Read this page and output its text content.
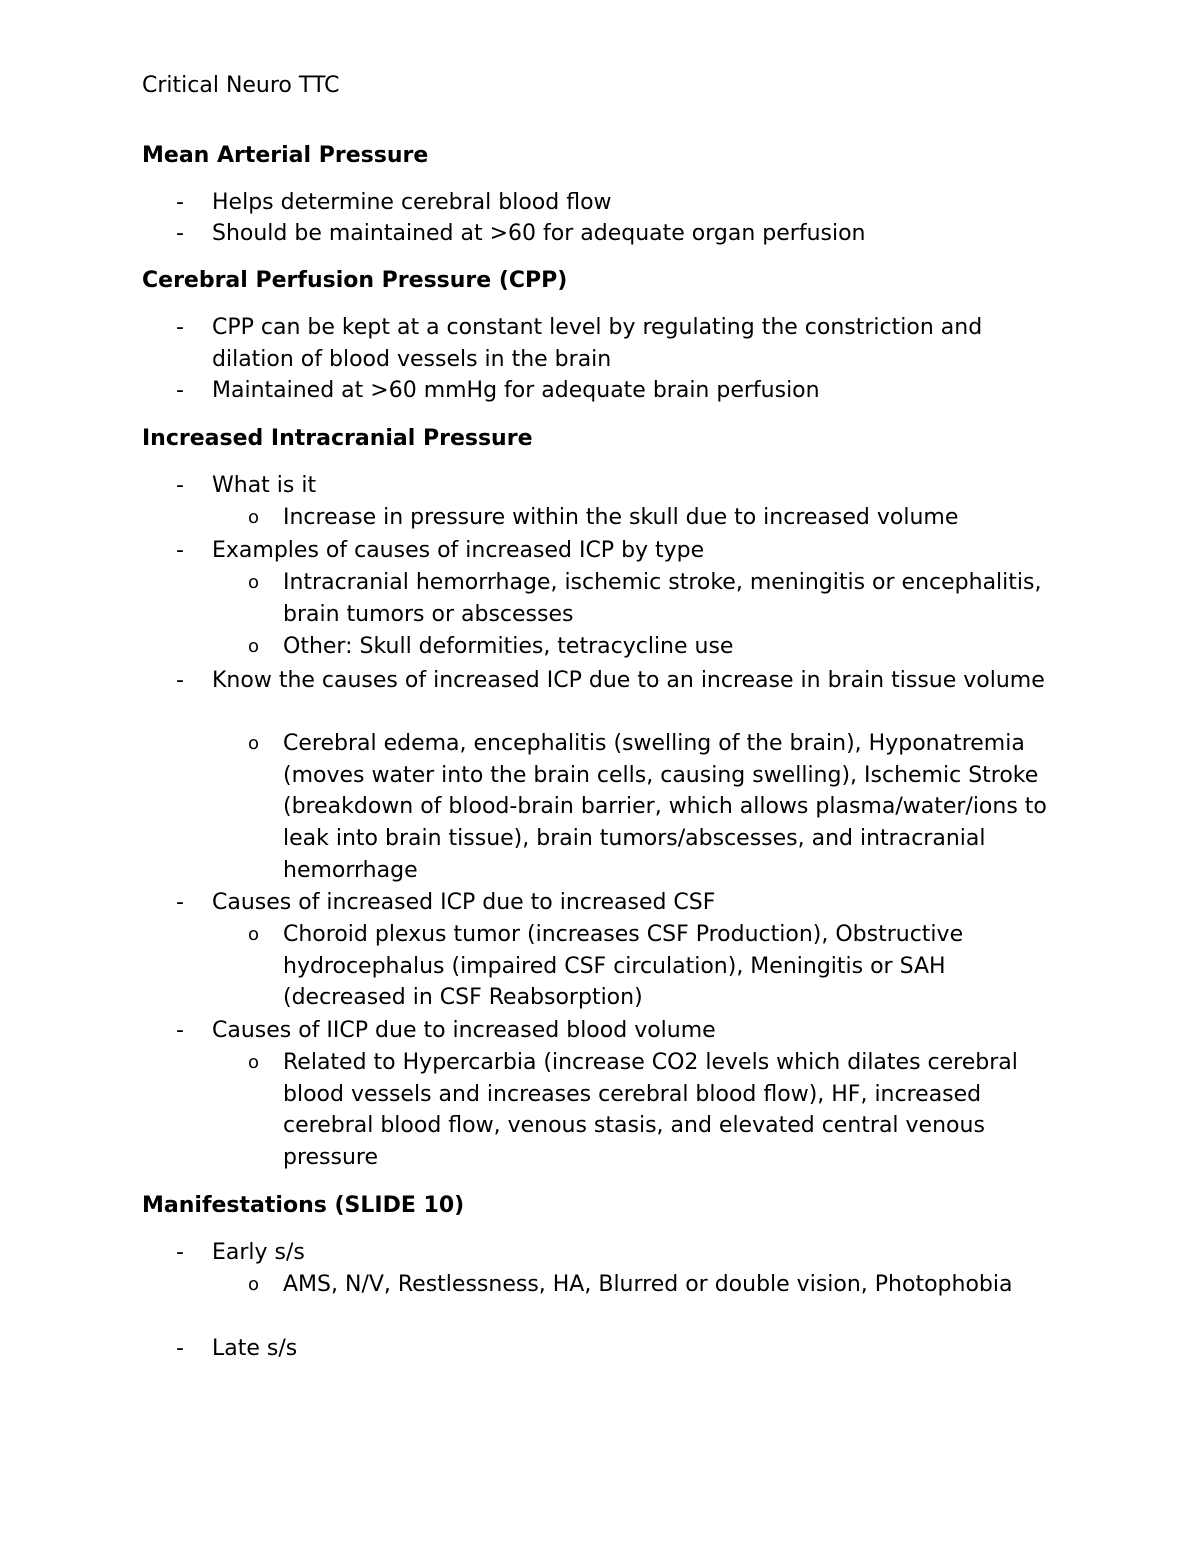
Critical Neuro TTC
Mean Arterial Pressure
- Helps determine cerebral blood flow
- Should be maintained at >60 for adequate organ perfusion
Cerebral Perfusion Pressure (CPP)
- CPP can be kept at a constant level by regulating the constriction and dilation of blood vessels in the brain
- Maintained at >60 mmHg for adequate brain perfusion
Increased Intracranial Pressure
- What is it
o Increase in pressure within the skull due to increased volume
- Examples of causes of increased ICP by type
o Intracranial hemorrhage, ischemic stroke, meningitis or encephalitis, brain tumors or abscesses
o Other: Skull deformities, tetracycline use
- Know the causes of increased ICP due to an increase in brain tissue volume
o Cerebral edema, encephalitis (swelling of the brain), Hyponatremia (moves water into the brain cells, causing swelling), Ischemic Stroke (breakdown of blood-brain barrier, which allows plasma/water/ions to leak into brain tissue), brain tumors/abscesses, and intracranial hemorrhage
- Causes of increased ICP due to increased CSF
o Choroid plexus tumor (increases CSF Production), Obstructive hydrocephalus (impaired CSF circulation), Meningitis or SAH (decreased in CSF Reabsorption)
- Causes of IICP due to increased blood volume
o Related to Hypercarbia (increase CO2 levels which dilates cerebral blood vessels and increases cerebral blood flow), HF, increased cerebral blood flow, venous stasis, and elevated central venous pressure
Manifestations (SLIDE 10)
- Early s/s
o AMS, N/V, Restlessness, HA, Blurred or double vision, Photophobia
- Late s/s
